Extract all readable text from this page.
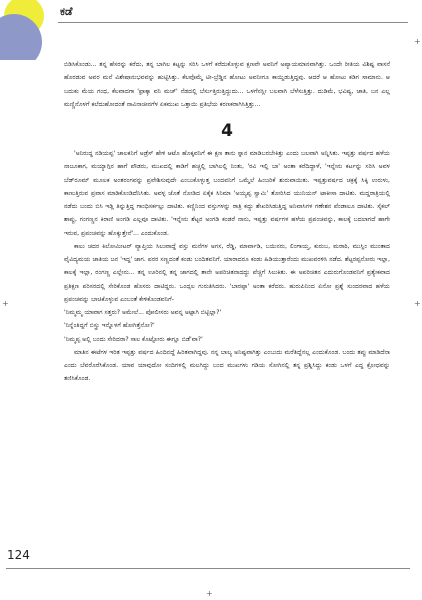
ಕಡೆ
+
+
+
+

ಬಿಡಿಸಿಕೊಂಡು... ತನ್ನ ಹೆಸರನ್ನು ಕರೆದು, ತನ್ನ ಬಾಗಿಲ ಕಟ್ಟನ್ನು ಸರಿಸಿ ಒಳಗೆ ಕರೆದುಕೊಳ್ಳುವ ಕ್ಷಣವೇ ಅವನಿಗೆ ಅಪ್ಯಾಯಮಾನವಾಗಿತ್ತು. ಒಂದೇ ರೀತಿಯ ವಿಶಿಷ್ಟ ವಾಸನೆ ಹೊರಡುವ ಅವರ ಮನೆ ವಿಶೇಷಾನುಭವವನ್ನು ಹುಟ್ಟಿಸಿತ್ತು. ಕೆಲವೊಮ್ಮೆ ಟೀ-ಬ್ರೆಡ್ಡಿನ ಹೋಟು ಅವನೀಗೂ ಕಾಯ್ದಿಡುತ್ತಿದ್ದವು. ಆದರೆ ಆ ಹೋಟು ಕಡಿಗ ಸಾಮಾನು. ಆ ಬದುಕು ಮೆಯ ಗಂಧ, ಕೆಲವಾದಗಾ 'ಫ್ರಾಕ್ಕಾ ವನಿ ಮಚ್' ನೆಡದಲ್ಲಿ ಬೆರ್ಸುತ್ತಿರುತ್ತಿದ್ದುದು... ಒಳಗೆನಸ್ಲೀ ಬಲವಾಗಿ ಬೆಳೆಸುತ್ತಿತ್ತು. ದುಡಿಮೆ, ಭವಿಷ್ಯ, ಜಾತಿ, ಬನ ಎಲ್ಲ ಮಣ್ಣಿನೊಳಗೆ ಕಲೆದುಹೋದಂತೆ ನಾವಿನಾಚೀನಗೆಳ ಏಕಮುಖ ಒತ್ತಾಯಿ ಪ್ರತಿಭೆಯ ಕರಣಕರಾಗಿಸಿತ್ತಿತ್ತು...

4

'ಅನಿರುದ್ಧ ನಡಿಯಪ್ಪ' ಚಾಲಕನಿಗೆ ಅಡ್ರೆಸ್ ಹೇಳಿ ಆಟೊ ಹೊಕ್ಕವನಿಗೆ ಈ ಕ್ಷಣ ತಾನು ಸ್ನಾನ ಮಾಡಿಬರಬೇಕಿತ್ತು ಎಂದು ಬಲವಾಗಿ ಅನ್ನಿಸಿತು. ಇಪ್ಪತ್ತು ವರ್ಷದ ಹಳೆಯ ನಾಜೂಕಾಗ, ಮಯ್ಯಾಗ್ಗಿನ ಹಾಗೆ ಪೌಡರು, ಮುಖದಲ್ಲಿ ಕಾಡಿಗೆ ಹಚ್ಚಲ್ಲಿ ಬಾಗಿಲಲ್ಲಿ ನಿಂತು, 'ರವಿ ಇಲ್ಲಿ ಬಾ' ಅಂತಾ ಕರೆದಿದ್ದಾಳೆ, 'ಇನ್ನೇನು ಕರ್ಟನ್ನು ಸರಿಸಿ ಅವಳ ಬೆಡ್‌ರೂಮ್ ಮೂಲಕ ಅಂತರಂಗವನ್ನು ಪ್ರವೇಶಿಸುವುದೇ ಎಂಬುಕೊಳ್ಳುತ್ತ ಬಂದವನಿಗೆ ಒಮ್ಮೆಲೆ ಹಿಂಜರಿಕೆ ಶುರುವಾಯಿತು. ಇಪ್ಪತ್ತುವರ್ಷದ ಚಕ್ರಕ್ಕೆ ಸಿಕ್ಕಿ ಉರುಳು, ಕಾಣುತ್ತಿರುವ ಪ್ರವಾಸ ಮಾಡಿಕೊಂಡಿದೆನಿಸಿತು. ಅವಳ್ಳ ಜೊತೆ ನೋಡಿದ ಏಕೈಕ ಸಿನಿಮಾ 'ಅಯ್ಯಪ್ಪ ಸ್ವಾಮಿ' ತೋರಿಸಿದ ಯುನಿಯನ್ ಟಾಕೀಸಾ ದಾಟಿತು. ಮದ್ದರಾತ್ರಿಯಲ್ಲಿ ನಡೆದು ಬಂದು ಬಿಸಿ ಇಡ್ಲಿ ತಿನ್ನುತ್ತಿದ್ದ ಗಾಂಧಿಸರ್ಕಲ್ಲು ದಾಟಿತು. ಕಣ್ಣಿನಿಂದ ವಸ್ತುಗಳನ್ನು ರಾತ್ರಿ ಕದ್ದು ಶೇಖರಿಸಿಡುತ್ತಿದ್ದ ಅನಿವಾಸಿಗಳ ಗಣೇಶನ ಪೆಂಡಾಲೂ ದಾಟಿತು. ಸೈಕಲ್ ಶಾಪ್ಪು, ಗಂಗಣ್ಣನ ಕಿರಾಣಿ ಅಂಗಡಿ ಎಲ್ಲವೂ ದಾಟಿತು. 'ಇನ್ನೇನು ಶೆಟ್ಟರ ಅಂಗಡಿ ಕಂಡರೆ ನಾನು, ಇಪ್ಪತ್ತು ವರ್ಷಗಳ ಹಳೆಯ ಪ್ರಪಂಚವನ್ನು, ಕಾಲಕ್ಕೆ ಬದಲಾಗದೆ ಹಾಗೇ ಇರುವ, ಪ್ರಪಂಚವನ್ನು ಹೊಕ್ಕುತ್ತೇನೆ'... ಎಂದುಕೊಂಡ.

ಕಾಲು ಚದರ ಕಿಲೋಮೀಟರ್ ವ್ಯಾಪ್ತಿಯ ಸಿಲುವಾದ್ದೆ ವಸ್ತು ಮನೆಗಳ ಅಗಸ, ರೆಡ್ಡಿ, ಮಾರ್ವಾಡಿ, ಬಯಿನರು, ಲಿಂಗಾಯ್ತ, ಕುರುಬ, ಮರಾಠಿ, ಮುಸ್ಲಿಂ ಮುಂತಾದ ವೈವಿದ್ಯಮಯ ಜಾತಿಯ ಜನ 'ಇದ್ದ' ಜಾಗ. ಪರರ ಸಣ್ಣದಂತೆ ಕಂಡು ಬಂದಿತವನಿಗೆ. ಯಾರಾದರೂ ಕಂಡು ಹಿಡಿಯುತ್ತಾರೆಂದು ಮುಖವರಳಿಸಿ ನಡೆದ. ಶೆಟ್ಟರಪ್ಪನೋರು ಇಲ್ಲಾ, ಕಾಲಕ್ಕೆ ಇಲ್ಲಾ, ರಂಗಣ್ಣ ಎಲ್ಲೇನು... ತನ್ನ ಊರಿನಲ್ಲಿ ತನ್ನ ಜಾಗದಲ್ಲಿ ತಾನೇ ಅಪರಿಚಿತನಾದದ್ದು ಪೆಚ್ಚಿಗೆ ಸಿಲುಕಿತು. ಈ ಅಪರಿಚಿತನ ಎದುರುಗೊಂಡವನಿಗೆ ಪ್ರತ್ಯೇಕವಾದ ಪ್ರತಿಕ್ಷಣ ಪರಿಸರದಲ್ಲಿ ಸೇರಿಕೊಂಡ ಹೊಸರು ದಾಟಿದ್ದರು. ಒಂದ್ಸಲ ಗುರುತಿಸಿದರು. 'ಬಾರಪ್ಪಾ' ಅಂತಾ ಕರೆದರು. ಹುರುಪಿನಿಂದ ಏನೋ ಪ್ರಶ್ನೆ ಸುಂದರವಾದ ಹಳೆಯ ಪ್ರಪಂಚವನ್ನು ಬಾಚಿಕೊಳ್ಳುವ ಎಂಬಂತೆ ಕೇಳಿಕೊಂಡವನಿಗೆ-

'ನಿಮ್ಮಮ್ಮ ಯಾವಾಗ ಸತ್ತರು? ಅಮೇಲೆ... ಪೋಲೀಸರು ಅವನ್ನ ಅಟ್ಟಾಗಿ ಬಿಟ್ಟಿಲ್ಲಾ?'

'ನಿನ್ನೆಂತಿದ್ದಗೆ ಬಿಸ್ತ್ರು ಇನ್ನೊಳಗೆ ಹೋಗಿತ್ತೆನೋ?'

'ನಿಮ್ಮಪ್ಪ ಅಲ್ಲಿ ಬಂದು ಸೇರಿದರಾ? ಸಾಲ ಕೊಟ್ಟೋರು ಈಗ್ಲೂ ಬಿಡೆ'ವಾ?'

ಮಾತಿನ ಈಟೆಗಳ ಇರಿತ ಇಪ್ಪತ್ತು ವರ್ಷದ ಹಿಂದಿನದ್ದೆ ಹಿರಿತವಾಗಿದ್ದವು. ನನ್ನ ಬಾಲ್ಯ ಅನಿಷ್ಟವಾಗಿತ್ತು ಎಂಬುದು ಮರೆತಿದ್ದೆನಲ್ಲ ಎಂದುಕೊಂಡ. ಬಂದು ತಪ್ಪು ಮಾಡಿದೆನಾ ಎಂದು ಬೆವರೊರೆಸಿಕೊಂಡ. ಯಾವ ಯಾವುದೋ ಸಂದಿಗಳಲ್ಲಿ ಮಲಗಿದ್ದು ಬಂದ ಮುಖಗಳು ಗಡಿಯ ಸೋಗಿನಲ್ಲಿ ತನ್ನ ಪ್ರಶ್ನಿಸಿದ್ದು ಕಂಡು ಒಳಗೆ ಎದ್ದ ಕ್ರೋಧವನ್ನು ತಣಿಸಿಕೊಂಡ.

124
